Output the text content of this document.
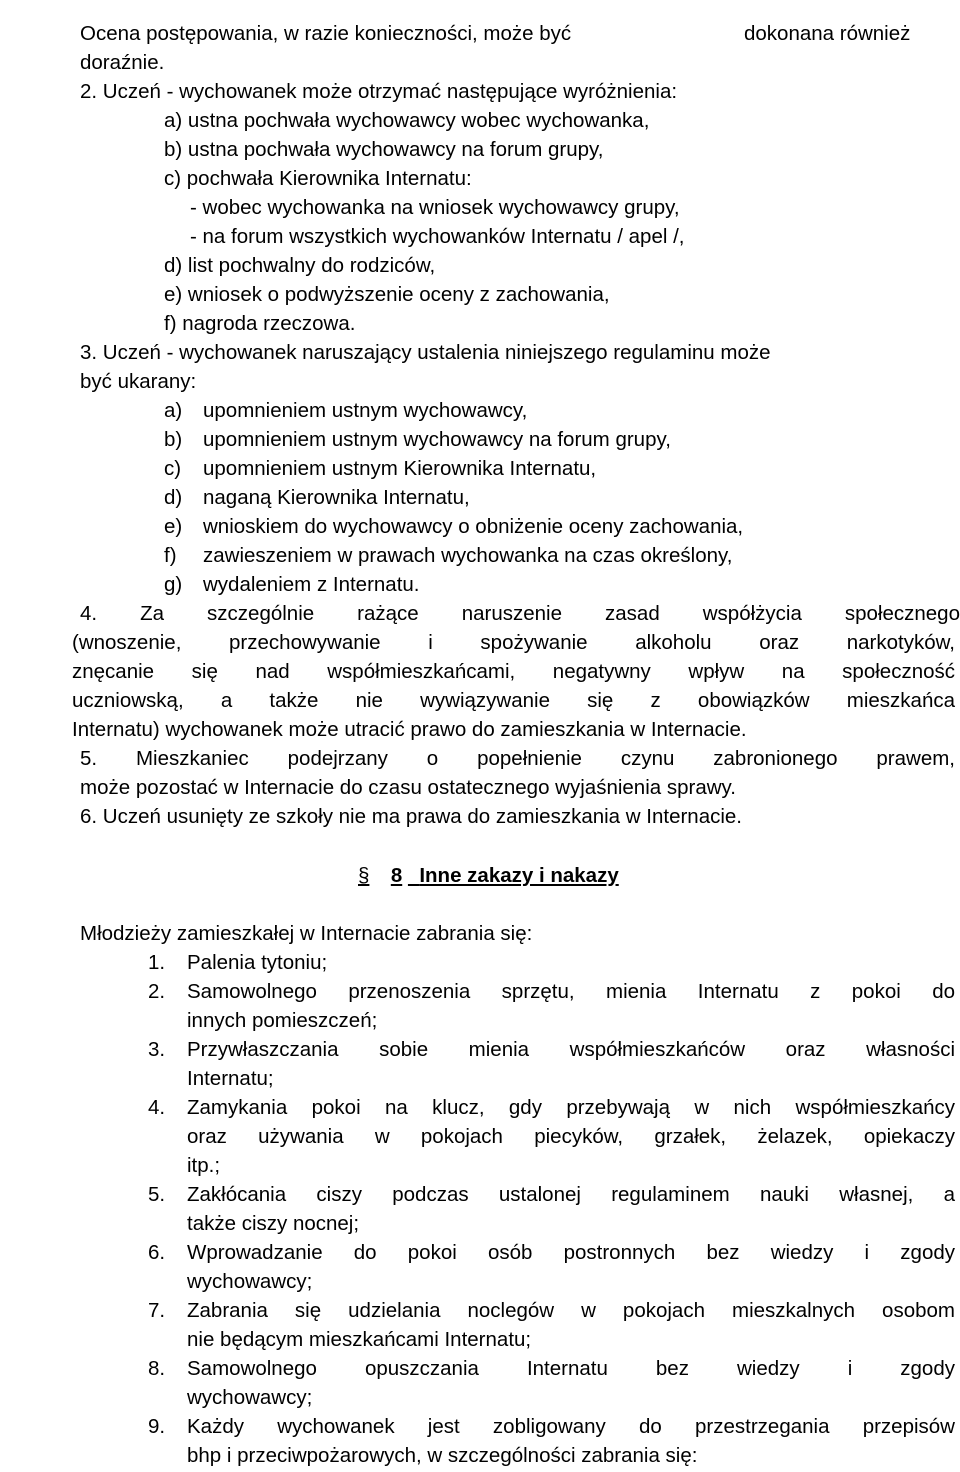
Ocena postępowania, w razie konieczności, może być	dokonana również
doraźnie.
2. Uczeń - wychowanek może otrzymać następujące wyróżnienia:
a) ustna pochwała wychowawcy wobec wychowanka,
b) ustna pochwała wychowawcy na forum grupy,
c) pochwała Kierownika Internatu:
- wobec wychowanka na wniosek wychowawcy grupy,
- na forum wszystkich wychowanków Internatu / apel /,
d) list pochwalny do rodziców,
e) wniosek o podwyższenie oceny z zachowania,
f) nagroda rzeczowa.
3. Uczeń - wychowanek naruszający ustalenia niniejszego regulaminu może
być ukarany:
a) upomnieniem ustnym wychowawcy,
b) upomnieniem ustnym wychowawcy na forum grupy,
c) upomnieniem ustnym Kierownika Internatu,
d) naganą Kierownika Internatu,
e) wnioskiem do wychowawcy o obniżenie oceny zachowania,
f) zawieszeniem w prawach wychowanka na czas określony,
g) wydaleniem z Internatu.
4. Za szczególnie rażące naruszenie zasad współżycia społecznego
(wnoszenie, przechowywanie i spożywanie alkoholu oraz narkotyków,
znęcanie się nad współmieszkańcami, negatywny wpływ na społeczność
uczniowską, a także nie wywiązywanie się z obowiązków mieszkańca
Internatu) wychowanek może utracić prawo do zamieszkania w Internacie.
5. Mieszkaniec podejrzany o popełnienie czynu zabronionego prawem,
może pozostać w Internacie do czasu ostatecznego wyjaśnienia sprawy.
6. Uczeń usunięty ze szkoły nie ma prawa do zamieszkania w Internacie.
§ 8 Inne zakazy i nakazy
Młodzieży zamieszkałej w Internacie zabrania się:
1. Palenia tytoniu;
2. Samowolnego przenoszenia sprzętu, mienia Internatu z pokoi do
innych pomieszczeń;
3. Przywłaszczania sobie mienia współmieszkańców oraz własności
Internatu;
4. Zamykania pokoi na klucz, gdy przebywają w nich współmieszkańcy
oraz używania w pokojach piecyków, grzałek, żelazek, opiekaczy
itp.;
5. Zakłócania ciszy podczas ustalonej regulaminem nauki własnej, a
także ciszy nocnej;
6. Wprowadzanie do pokoi osób postronnych bez wiedzy i zgody
wychowawcy;
7. Zabrania się udzielania noclegów w pokojach mieszkalnych osobom
nie będącym mieszkańcami Internatu;
8. Samowolnego opuszczania Internatu bez wiedzy i zgody
wychowawcy;
9. Każdy wychowanek jest zobligowany do przestrzegania przepisów
bhp i przeciwpożarowych, w szczególności zabrania się:
